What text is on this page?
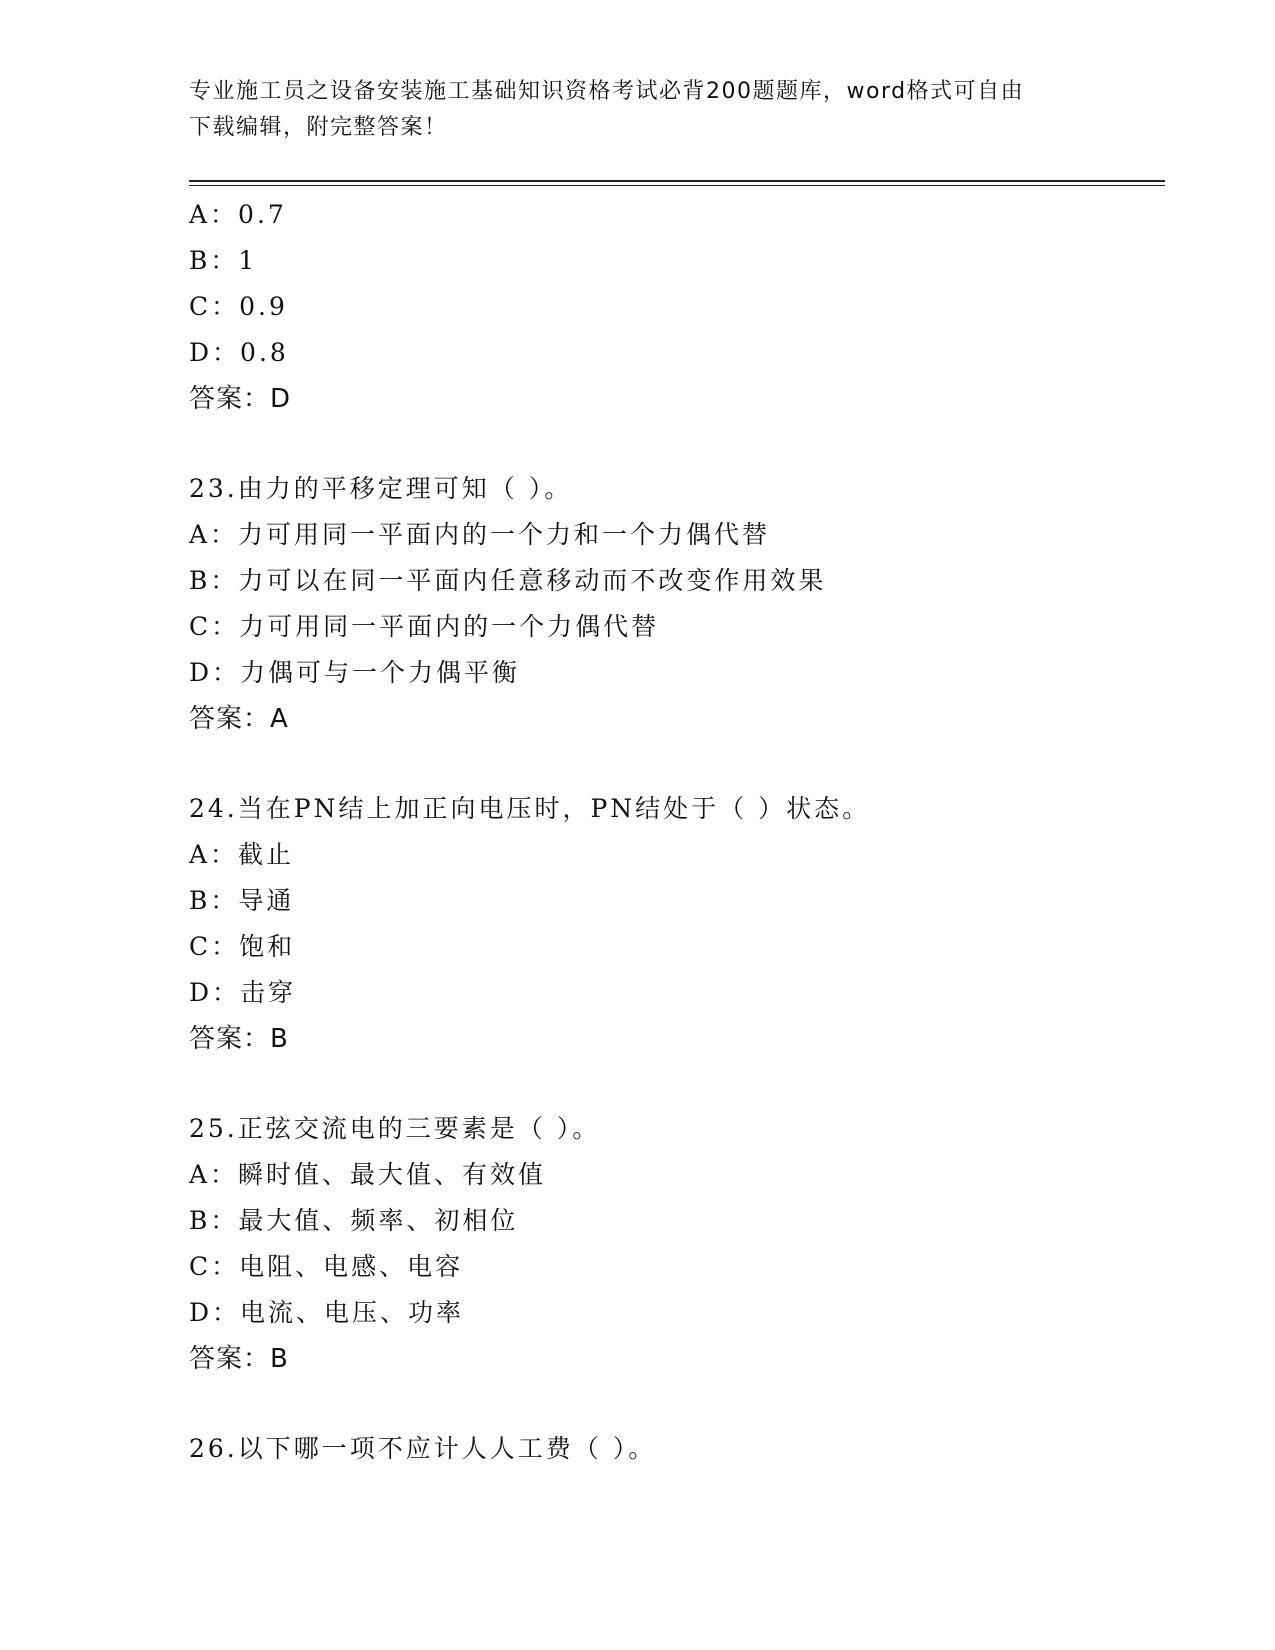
专业施工员之设备安装施工基础知识资格考试必背200题题库，word格式可自由
下载编辑，附完整答案！
A：0.7
B：1
C：0.9
D：0.8
答案：D
23.由力的平移定理可知（ ）。
A：力可用同一平面内的一个力和一个力偶代替
B：力可以在同一平面内任意移动而不改变作用效果
C：力可用同一平面内的一个力偶代替
D：力偶可与一个力偶平衡
答案：A
24.当在PN结上加正向电压时，PN结处于（ ）状态。
A：截止
B：导通
C：饱和
D：击穿
答案：B
25.正弦交流电的三要素是（ ）。
A：瞬时值、最大值、有效值
B：最大值、频率、初相位
C：电阻、电感、电容
D：电流、电压、功率
答案：B
26.以下哪一项不应计人人工费（ ）。
